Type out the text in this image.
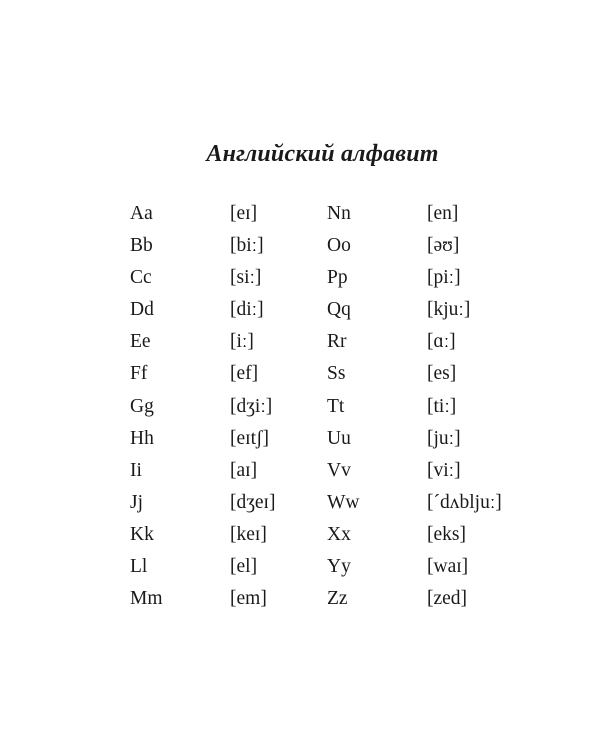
Английский алфавит
Aa	[eɪ]	Nn	[en]
Bb	[biː]	Oo	[əʊ]
Cc	[siː]	Pp	[piː]
Dd	[diː]	Qq	[kjuː]
Ee	[iː]	Rr	[ɑː]
Ff	[ef]	Ss	[es]
Gg	[dʒiː]	Tt	[tiː]
Hh	[eɪtʃ]	Uu	[juː]
Ii	[aɪ]	Vv	[viː]
Jj	[dʒeɪ]	Ww	[ˊdʌbljuː]
Kk	[keɪ]	Xx	[eks]
Ll	[el]	Yy	[waɪ]
Mm	[em]	Zz	[zed]
